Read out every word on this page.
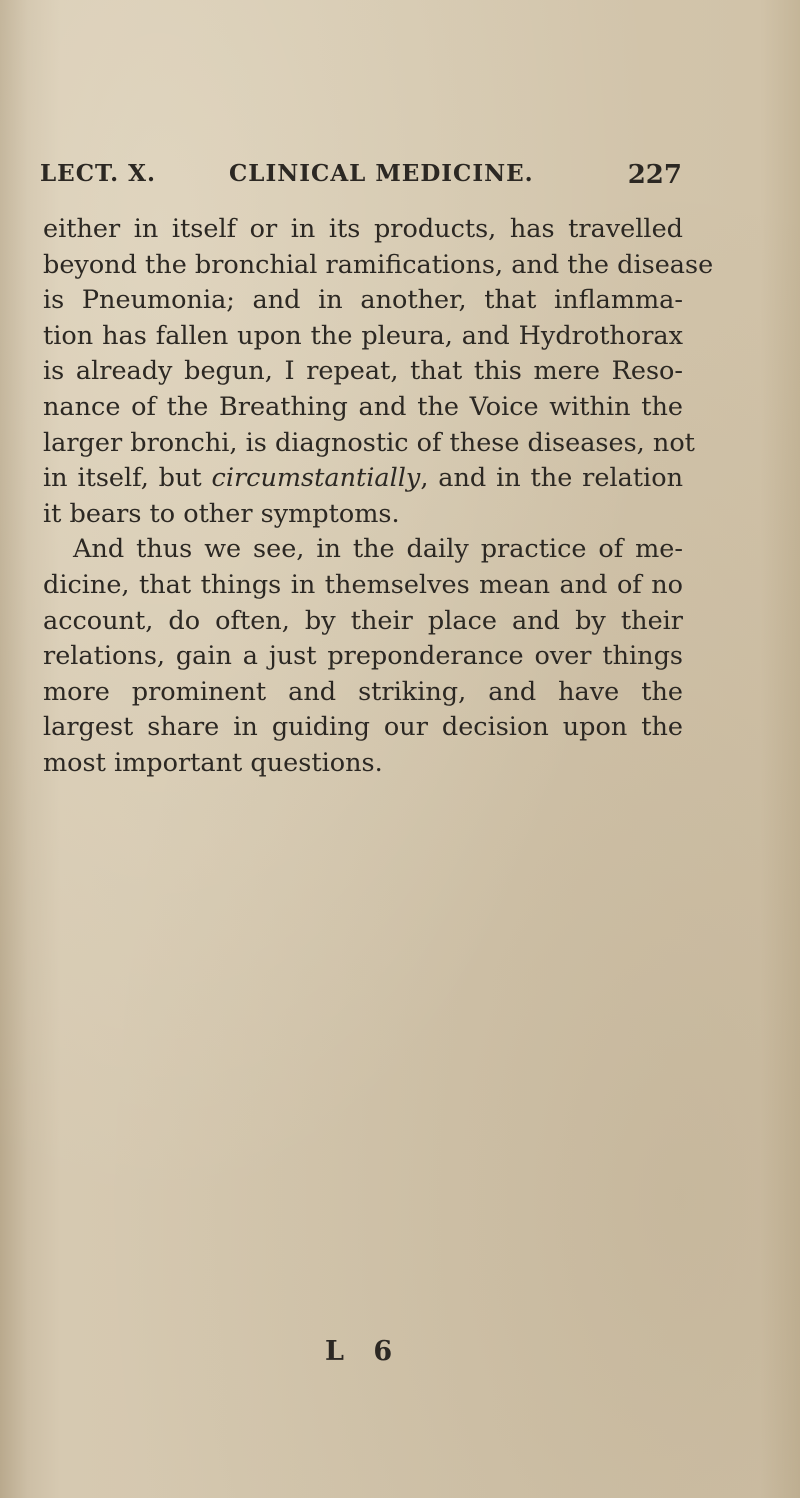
LECT. X.	CLINICAL MEDICINE.	227
either in itself or in its products, has travelled
beyond the bronchial ramifications, and the disease
is Pneumonia; and in another, that inflamma-
tion has fallen upon the pleura, and Hydrothorax
is already begun, I repeat, that this mere Reso-
nance of the Breathing and the Voice within the
larger bronchi, is diagnostic of these diseases, not
in itself, but circumstantially, and in the relation
it bears to other symptoms.
And thus we see, in the daily practice of me-
dicine, that things in themselves mean and of no
account, do often, by their place and by their
relations, gain a just preponderance over things
more prominent and striking, and have the
largest share in guiding our decision upon the
most important questions.
L 6
